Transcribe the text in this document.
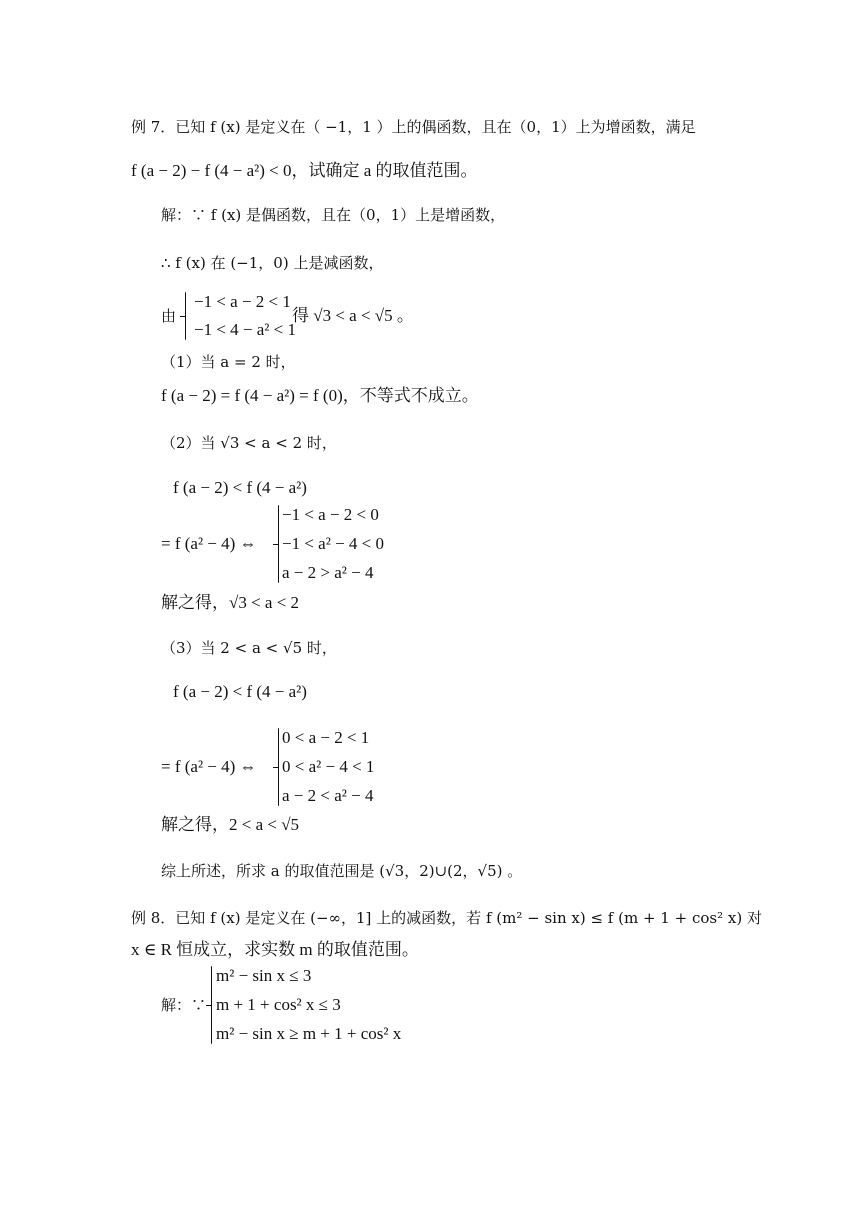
例 7．已知 f (x) 是定义在（ −1，1 ）上的偶函数，且在（0，1）上为增函数，满足
f (a − 2) − f (4 − a²) < 0，试确定 a 的取值范围。
解：∵ f (x) 是偶函数，且在（0，1）上是增函数，
∴ f (x) 在 (−1，0) 上是减函数，
由
−1 < a − 2 < 1
−1 < 4 − a² < 1
得 √3 < a < √5 。
（1）当 a = 2 时，
f (a − 2) = f (4 − a²) = f (0)，不等式不成立。
（2）当 √3 < a < 2 时，
f (a − 2) < f (4 − a²)
= f (a² − 4) ⇔
−1 < a − 2 < 0
−1 < a² − 4 < 0
a − 2 > a² − 4
解之得，√3 < a < 2
（3）当 2 < a < √5 时，
f (a − 2) < f (4 − a²)
= f (a² − 4) ⇔
0 < a − 2 < 1
0 < a² − 4 < 1
a − 2 < a² − 4
解之得，2 < a < √5
综上所述，所求 a 的取值范围是 (√3，2)∪(2，√5) 。
例 8．已知 f (x) 是定义在 (−∞，1] 上的减函数，若 f (m² − sin x) ≤ f (m + 1 + cos² x) 对
x ∈ R 恒成立，求实数 m 的取值范围。
解：∵
m² − sin x ≤ 3
m + 1 + cos² x ≤ 3
m² − sin x ≥ m + 1 + cos² x
